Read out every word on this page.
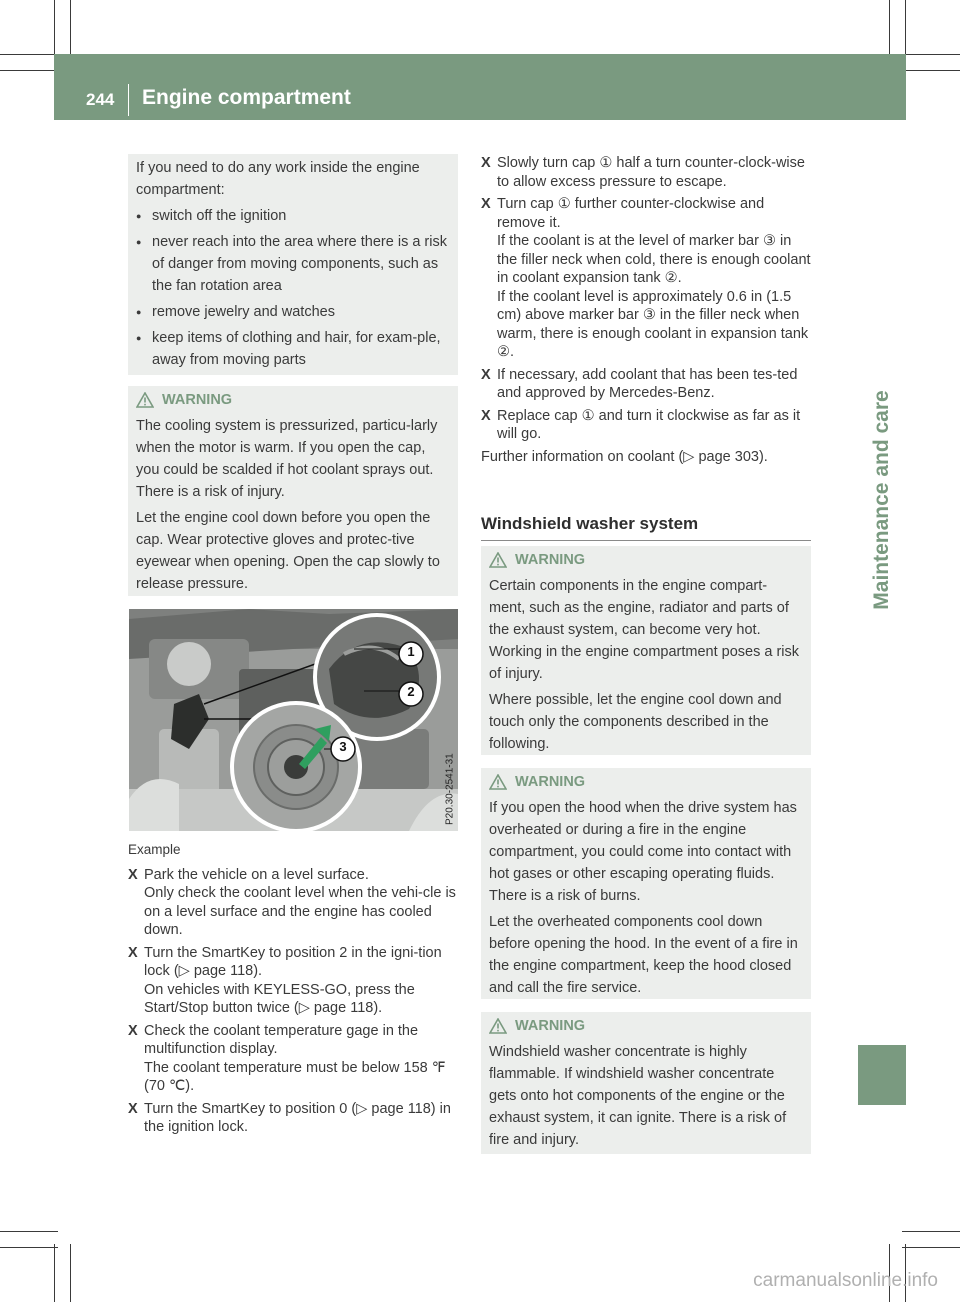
244 Engine compartment
Maintenance and care

If you need to do any work inside the engine compartment:

● switch off the ignition
● never reach into the area where there is a risk of danger from moving components, such as the fan rotation area
● remove jewelry and watches
● keep items of clothing and hair, for exam-ple, away from moving parts
WARNING

The cooling system is pressurized, particu-larly when the motor is warm. If you open the cap, you could be scalded if hot coolant sprays out. There is a risk of injury.

Let the engine cool down before you open the cap. Wear protective gloves and protec-tive eyewear when opening. Open the cap slowly to release pressure.

1
2
3
P20.30-2541-31

Example

X Park the vehicle on a level surface.
Only check the coolant level when the vehi-cle is on a level surface and the engine has cooled down.
X Turn the SmartKey to position 2 in the igni-tion lock (▷ page 118).
On vehicles with KEYLESS-GO, press the Start/Stop button twice (▷ page 118).
X Check the coolant temperature gage in the multifunction display.
The coolant temperature must be below 158 ℉ (70 ℃).
X Turn the SmartKey to position 0 (▷ page 118) in the ignition lock.
X Slowly turn cap ① half a turn counter-clock-wise to allow excess pressure to escape.
X Turn cap ① further counter-clockwise and remove it.
If the coolant is at the level of marker bar ③ in the filler neck when cold, there is enough coolant in coolant expansion tank ②.
If the coolant level is approximately 0.6 in (1.5 cm) above marker bar ③ in the filler neck when warm, there is enough coolant in expansion tank ②.
X If necessary, add coolant that has been tes-ted and approved by Mercedes-Benz.
X Replace cap ① and turn it clockwise as far as it will go.

Further information on coolant (▷ page 303).

Windshield washer system
WARNING

Certain components in the engine compart-ment, such as the engine, radiator and parts of the exhaust system, can become very hot. Working in the engine compartment poses a risk of injury.

Where possible, let the engine cool down and touch only the components described in the following.

WARNING

If you open the hood when the drive system has overheated or during a fire in the engine compartment, you could come into contact with hot gases or other escaping operating fluids. There is a risk of burns.

Let the overheated components cool down before opening the hood. In the event of a fire in the engine compartment, keep the hood closed and call the fire service.

WARNING

Windshield washer concentrate is highly flammable. If windshield washer concentrate gets onto hot components of the engine or the exhaust system, it can ignite. There is a risk of fire and injury.

carmanualsonline.info
